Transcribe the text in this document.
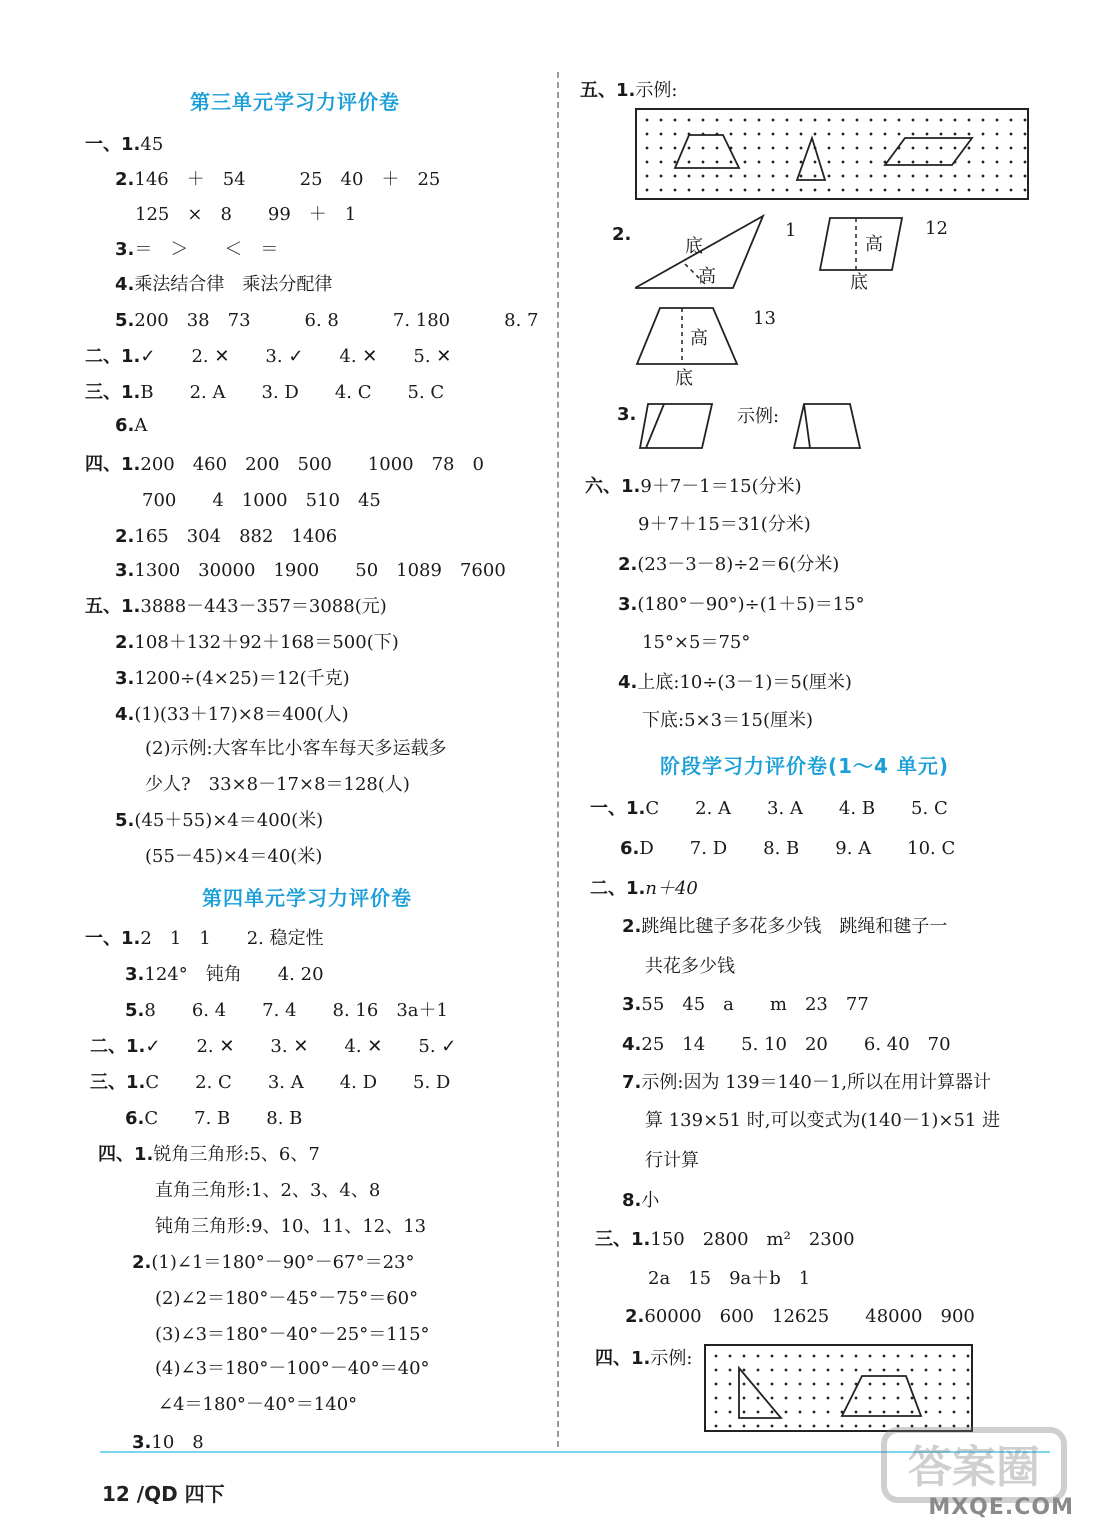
第三单元学习力评价卷
一、1.45
2.146　＋　54　　　25　40　＋　25
125　×　8　　99　＋　1
3.＝　＞　　＜　＝
4.乘法结合律　乘法分配律
5.200　38　73　　　6. 8　　　7. 180　　　8. 7
二、1.✓　　2. ✕　　3. ✓　　4. ✕　　5. ✕
三、1.B　　2. A　　3. D　　4. C　　5. C
6.A
四、1.200　460　200　500　　1000　78　0
700　　4　1000　510　45
2.165　304　882　1406
3.1300　30000　1900　　50　1089　7600
五、1.3888－443－357＝3088(元)
2.108＋132＋92＋168＝500(下)
3.1200÷(4×25)＝12(千克)
4.(1)(33＋17)×8＝400(人)
(2)示例:大客车比小客车每天多运载多
少人?　33×8－17×8＝128(人)
5.(45＋55)×4＝400(米)
(55－45)×4＝40(米)
第四单元学习力评价卷
一、1.2　1　1　　2. 稳定性
3.124°　钝角　　4. 20
5.8　　6. 4　　7. 4　　8. 16　3a＋1
二、1.✓　　2. ✕　　3. ✕　　4. ✕　　5. ✓
三、1.C　　2. C　　3. A　　4. D　　5. D
6.C　　7. B　　8. B
四、1.锐角三角形:5、6、7
直角三角形:1、2、3、4、8
钝角三角形:9、10、11、12、13
2.(1)∠1＝180°－90°－67°＝23°
(2)∠2＝180°－45°－75°＝60°
(3)∠3＝180°－40°－25°＝115°
(4)∠3＝180°－100°－40°＝40°
∠4＝180°－40°＝140°
3.10　8
五、1.示例:
2.
底
高
1
高
底
12
高
底
13
3.	示例:
六、1.9＋7－1＝15(分米)
9＋7＋15＝31(分米)
2.(23－3－8)÷2＝6(分米)
3.(180°－90°)÷(1＋5)＝15°
15°×5＝75°
4.上底:10÷(3－1)＝5(厘米)
下底:5×3＝15(厘米)
阶段学习力评价卷(1～4 单元)
一、1.C　　2. A　　3. A　　4. B　　5. C
6.D　　7. D　　8. B　　9. A　　10. C
二、1.n＋40
2.跳绳比毽子多花多少钱　跳绳和毽子一
共花多少钱
3.55　45　a　　m　23　77
4.25　14　　5. 10　20　　6. 40　70
7.示例:因为 139＝140－1,所以在用计算器计
算 139×51 时,可以变式为(140－1)×51 进
行计算
8.小
三、1.150　2800　m²　2300
2a　15　9a＋b　1
2.60000　600　12625　　48000　900
四、1.示例:
12 /QD 四下
答案圈
MXQE.COM
